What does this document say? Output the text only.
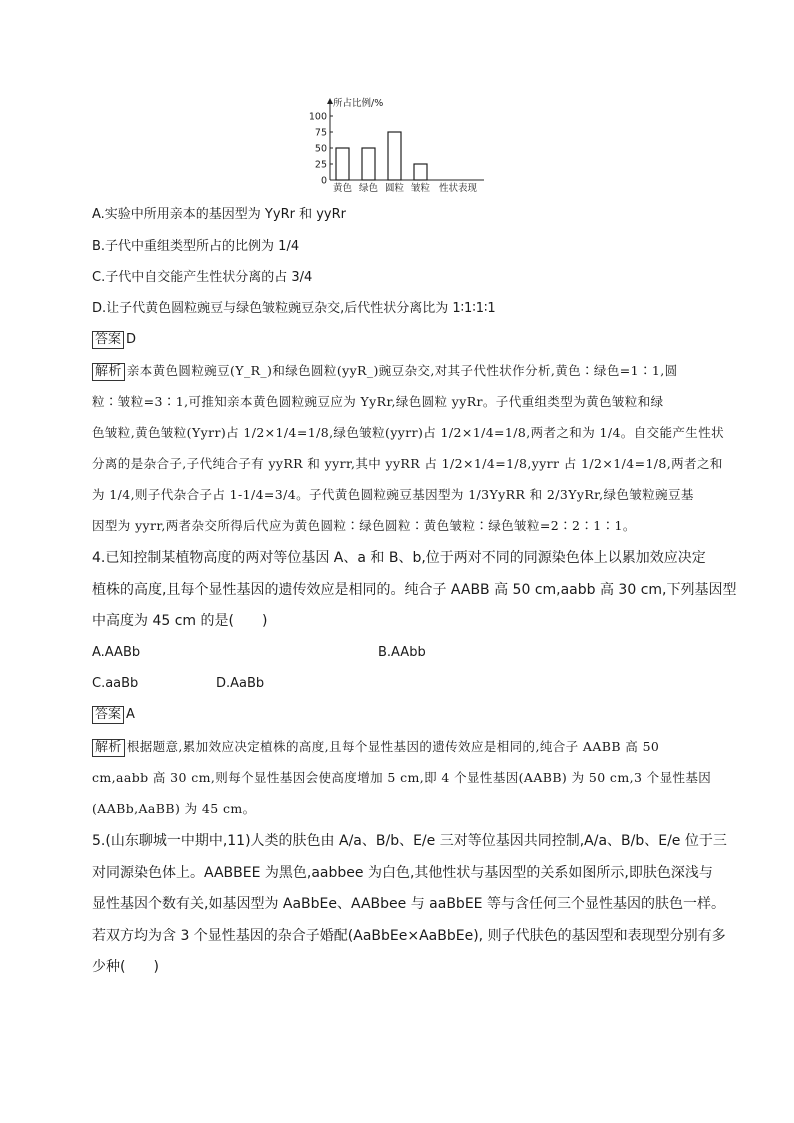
所占比例/%
100
75
50
25
0
黄色 绿色 圆粒 皱粒 性状表现
A.实验中所用亲本的基因型为 YyRr 和 yyRr
B.子代中重组类型所占的比例为 1/4
C.子代中自交能产生性状分离的占 3/4
D.让子代黄色圆粒豌豆与绿色皱粒豌豆杂交,后代性状分离比为 1∶1∶1∶1
答案 D
解析 亲本黄色圆粒豌豆(Y_R_)和绿色圆粒(yyR_)豌豆杂交,对其子代性状作分析,黄色∶绿色=1∶1,圆
粒∶皱粒=3∶1,可推知亲本黄色圆粒豌豆应为 YyRr,绿色圆粒 yyRr。子代重组类型为黄色皱粒和绿
色皱粒,黄色皱粒(Yyrr)占 1/2×1/4=1/8,绿色皱粒(yyrr)占 1/2×1/4=1/8,两者之和为 1/4。自交能产生性状
分离的是杂合子,子代纯合子有 yyRR 和 yyrr,其中 yyRR 占 1/2×1/4=1/8,yyrr 占 1/2×1/4=1/8,两者之和
为 1/4,则子代杂合子占 1-1/4=3/4。子代黄色圆粒豌豆基因型为 1/3YyRR 和 2/3YyRr,绿色皱粒豌豆基
因型为 yyrr,两者杂交所得后代应为黄色圆粒∶绿色圆粒∶黄色皱粒∶绿色皱粒=2∶2∶1∶1。
4.已知控制某植物高度的两对等位基因 A、a 和 B、b,位于两对不同的同源染色体上以累加效应决定
植株的高度,且每个显性基因的遗传效应是相同的。纯合子 AABB 高 50 cm,aabb 高 30 cm,下列基因型
中高度为 45 cm 的是(　　)
A.AABb	B.AAbb
C.aaBb	D.AaBb
答案 A
解析 根据题意,累加效应决定植株的高度,且每个显性基因的遗传效应是相同的,纯合子 AABB 高 50
cm,aabb 高 30 cm,则每个显性基因会使高度增加 5 cm,即 4 个显性基因(AABB) 为 50 cm,3 个显性基因
(AABb,AaBB) 为 45 cm。
5.(山东聊城一中期中,11)人类的肤色由 A/a、B/b、E/e 三对等位基因共同控制,A/a、B/b、E/e 位于三
对同源染色体上。AABBEE 为黑色,aabbee 为白色,其他性状与基因型的关系如图所示,即肤色深浅与
显性基因个数有关,如基因型为 AaBbEe、AABbee 与 aaBbEE 等与含任何三个显性基因的肤色一样。
若双方均为含 3 个显性基因的杂合子婚配(AaBbEe×AaBbEe), 则子代肤色的基因型和表现型分别有多
少种(　　)
